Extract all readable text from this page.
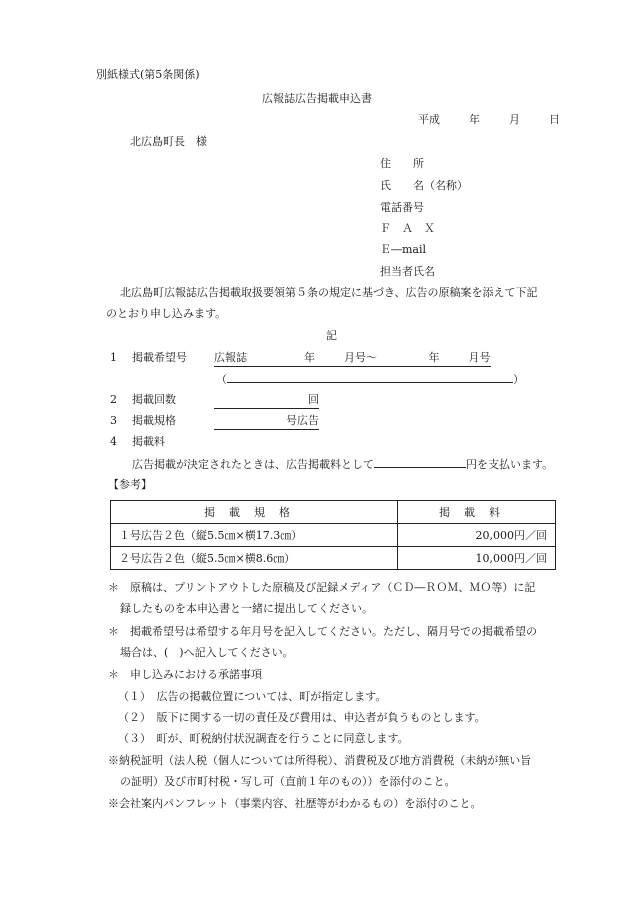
別紙様式(第5条関係)
広報誌広告掲載申込書
平成	年	月	日
北広島町長　様
住　　所
氏　　名（名称）
電話番号
Ｆ　Ａ　Ｘ
Ｅ―mail
担当者氏名
北広島町広報誌広告掲載取扱要領第５条の規定に基づき、広告の原稿案を添えて下記
のとおり申し込みます。
記
1 掲載希望号 広報誌	年	月号～	年	月号
（	）
2 掲載回数	回
3 掲載規格	号広告
4 掲載料
広告掲載が決定されたときは、広告掲載料として	円を支払います。
【参考】
掲載規格	掲載料
１号広告２色（縦5.5㎝×横17.3㎝）	20,000円／回
２号広告２色（縦5.5㎝×横8.6㎝）	10,000円／回
＊　原稿は、プリントアウトした原稿及び記録メディア（ＣＤ―ＲＯＭ、ＭＯ等）に記
録したものを本申込書と一緒に提出してください。
＊　掲載希望号は希望する年月号を記入してください。ただし、隔月号での掲載希望の
場合は、(　)へ記入してください。
＊　申し込みにおける承諾事項
（１）　広告の掲載位置については、町が指定します。
（２）　版下に関する一切の責任及び費用は、申込者が負うものとします。
（３）　町が、町税納付状況調査を行うことに同意します。
※納税証明（法人税（個人については所得税）、消費税及び地方消費税（未納が無い旨
の証明）及び市町村税・写し可（直前１年のもの））を添付のこと。
※会社案内パンフレット（事業内容、社歴等がわかるもの）を添付のこと。
